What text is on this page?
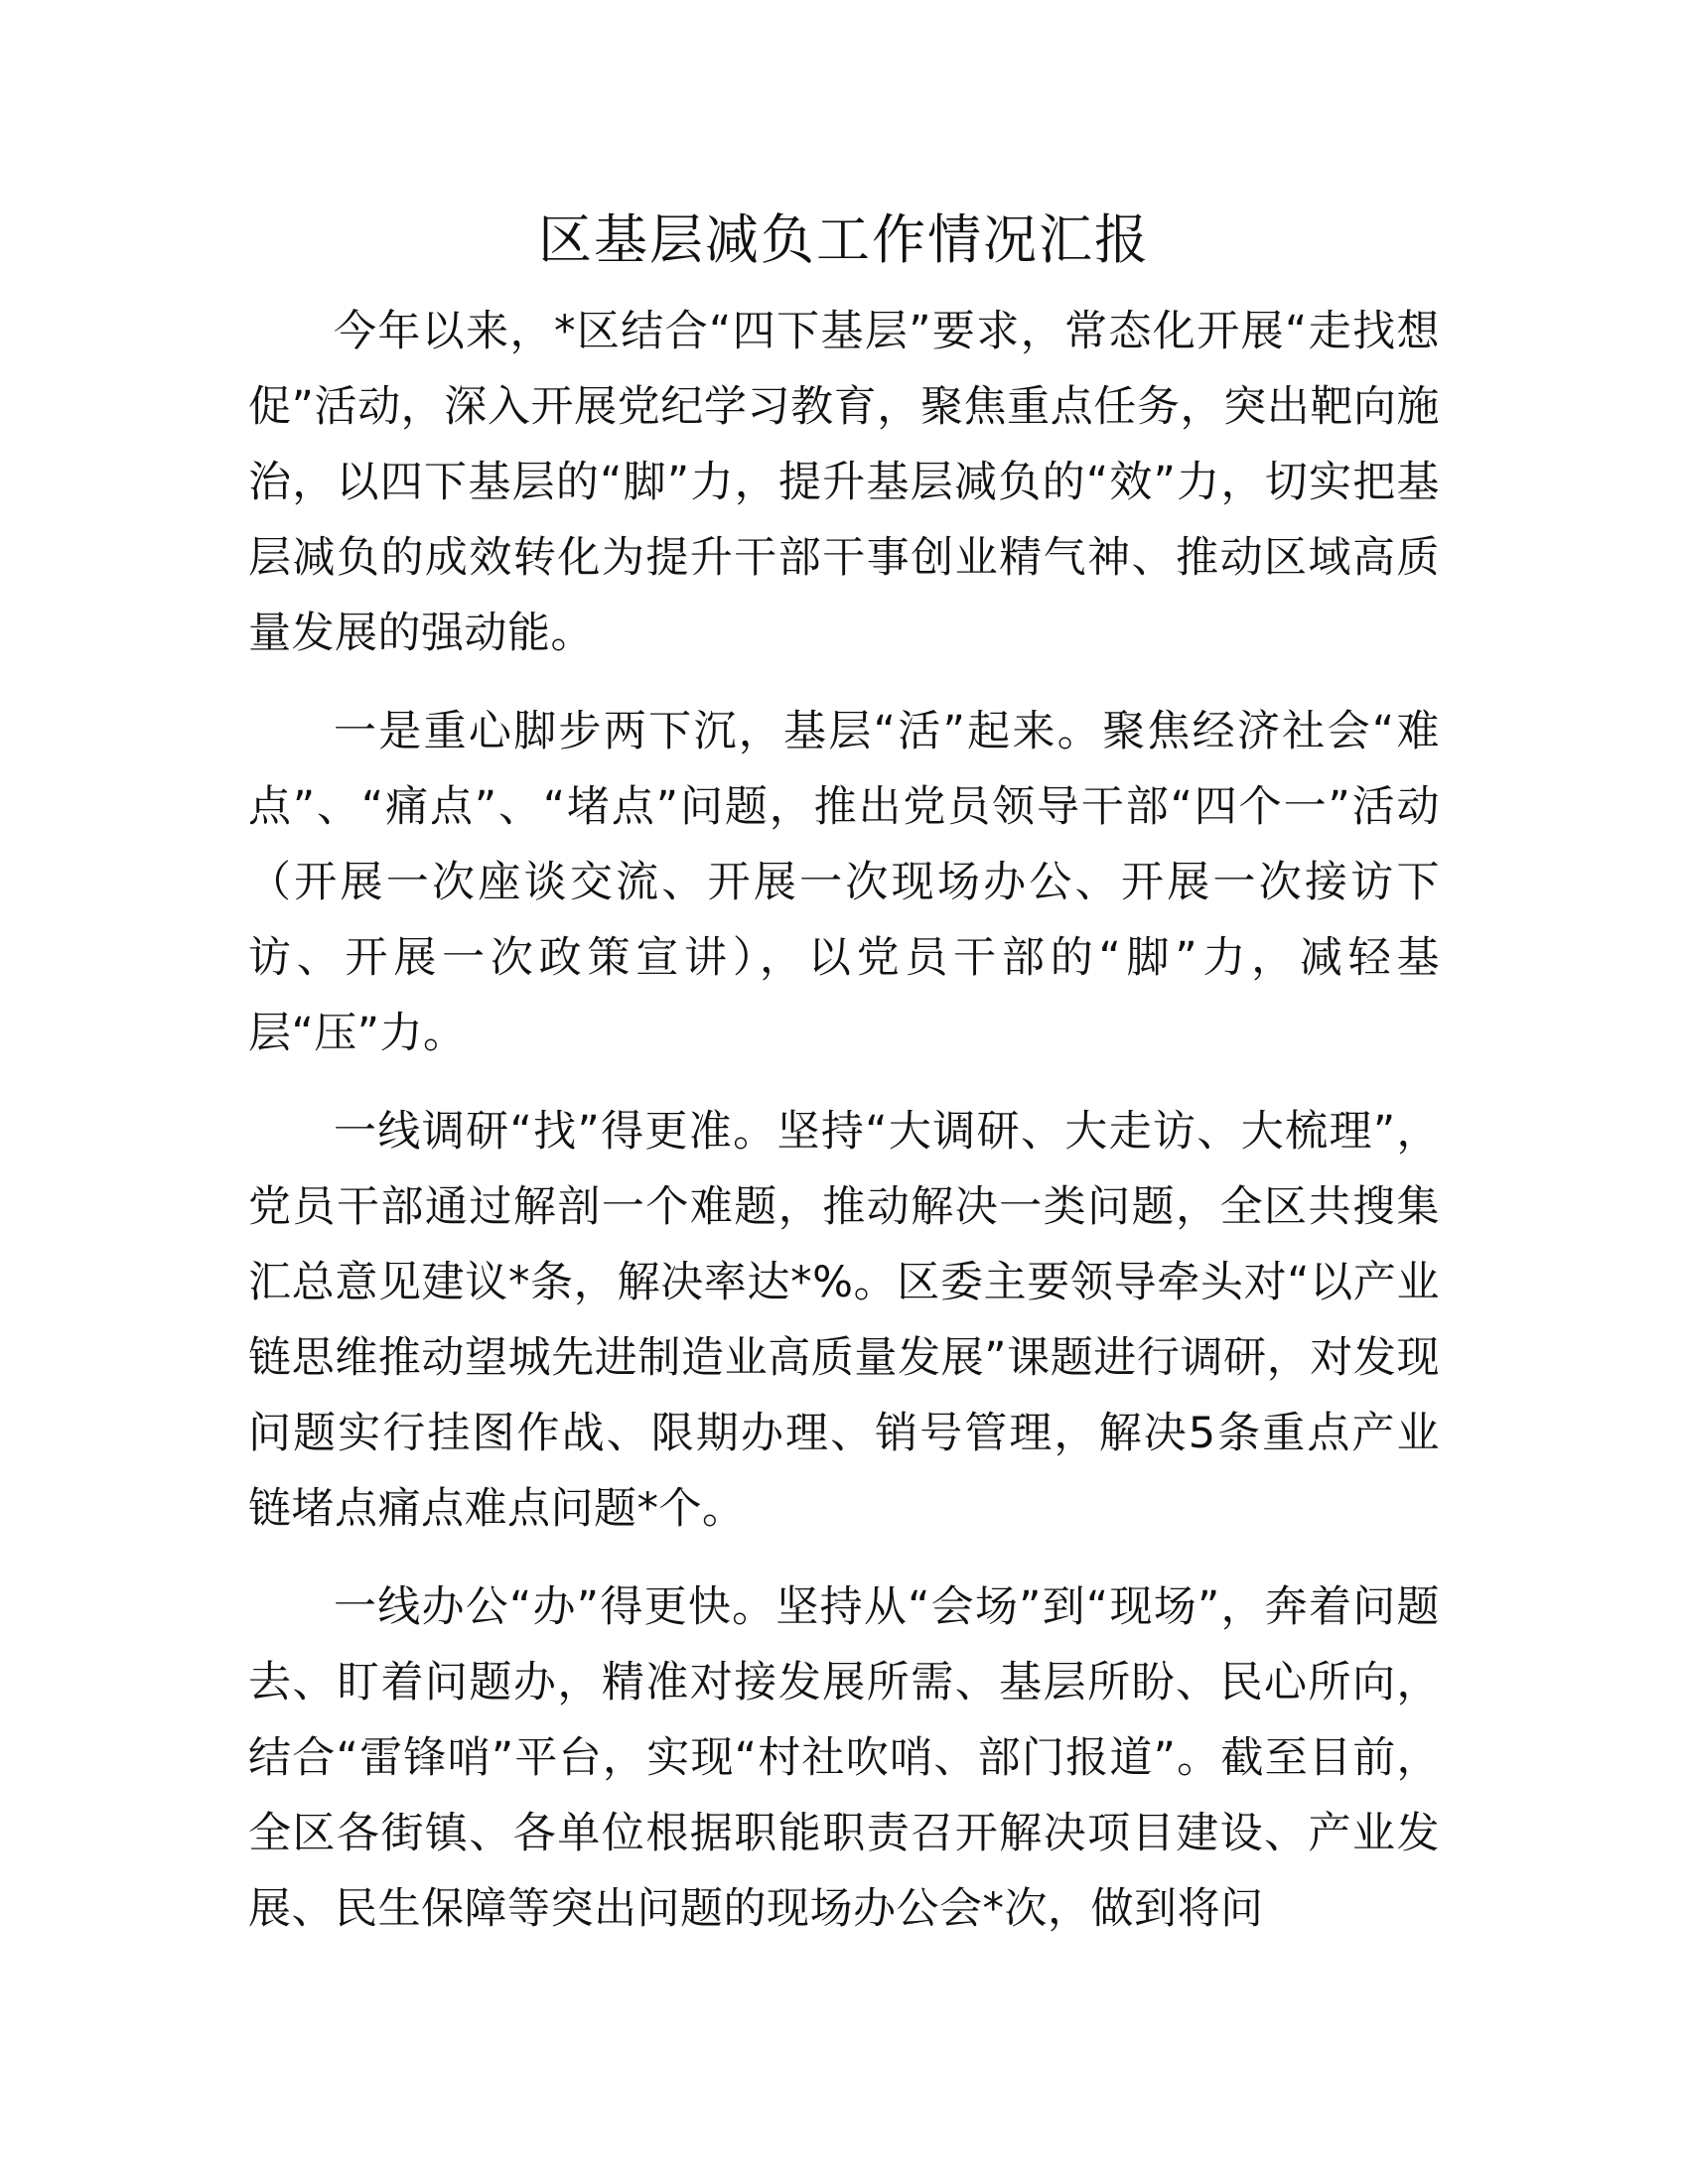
区基层减负工作情况汇报

今年以来，*区结合“四下基层”要求，常态化开展“走找想促”活动，深入开展党纪学习教育，聚焦重点任务，突出靶向施治，以四下基层的“脚”力，提升基层减负的“效”力，切实把基层减负的成效转化为提升干部干事创业精气神、推动区域高质量发展的强动能。

一是重心脚步两下沉，基层“活”起来。聚焦经济社会“难点”、“痛点”、“堵点”问题，推出党员领导干部“四个一”活动（开展一次座谈交流、开展一次现场办公、开展一次接访下访、开展一次政策宣讲），以党员干部的“脚”力，减轻基层“压”力。

一线调研“找”得更准。坚持“大调研、大走访、大梳理”，党员干部通过解剖一个难题，推动解决一类问题，全区共搜集汇总意见建议*条，解决率达*%。区委主要领导牵头对“以产业链思维推动望城先进制造业高质量发展”课题进行调研，对发现问题实行挂图作战、限期办理、销号管理，解决5条重点产业链堵点痛点难点问题*个。

一线办公“办”得更快。坚持从“会场”到“现场”，奔着问题去、盯着问题办，精准对接发展所需、基层所盼、民心所向，结合“雷锋哨”平台，实现“村社吹哨、部门报道”。截至目前，全区各街镇、各单位根据职能职责召开解决项目建设、产业发展、民生保障等突出问题的现场办公会*次，做到将问
